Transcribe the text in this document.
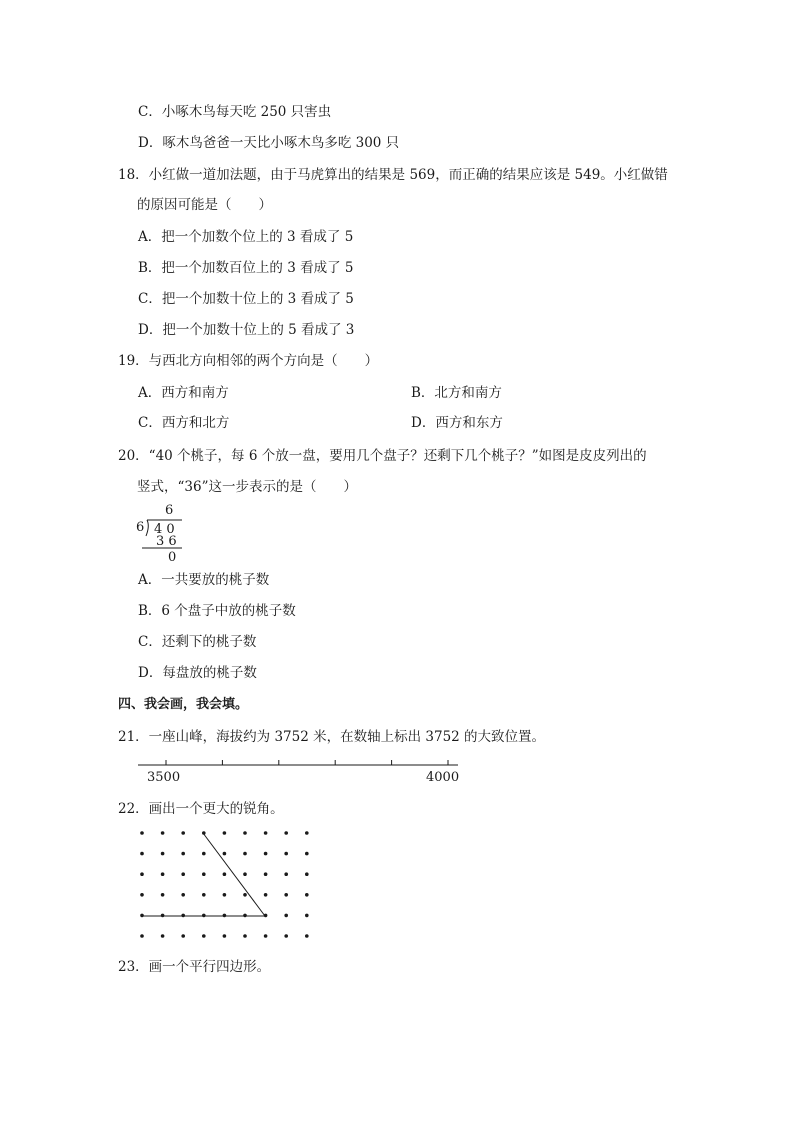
C．小啄木鸟每天吃 250 只害虫
D．啄木鸟爸爸一天比小啄木鸟多吃 300 只
18．小红做一道加法题，由于马虎算出的结果是 569，而正确的结果应该是 549。小红做错
的原因可能是（　　）
A．把一个加数个位上的 3 看成了 5
B．把一个加数百位上的 3 看成了 5
C．把一个加数十位上的 3 看成了 5
D．把一个加数十位上的 5 看成了 3
19．与西北方向相邻的两个方向是（　　）
A．西方和南方	B．北方和南方
C．西方和北方	D．西方和东方
20．“40 个桃子，每 6 个放一盘，要用几个盘子？还剩下几个桃子？”如图是皮皮列出的
竖式，“36”这一步表示的是（　　）
6
6 4 0
3 6
0
A．一共要放的桃子数
B．6 个盘子中放的桃子数
C．还剩下的桃子数
D．每盘放的桃子数
四、我会画，我会填。
21．一座山峰，海拔约为 3752 米，在数轴上标出 3752 的大致位置。
3500	4000
22．画出一个更大的锐角。
23．画一个平行四边形。
